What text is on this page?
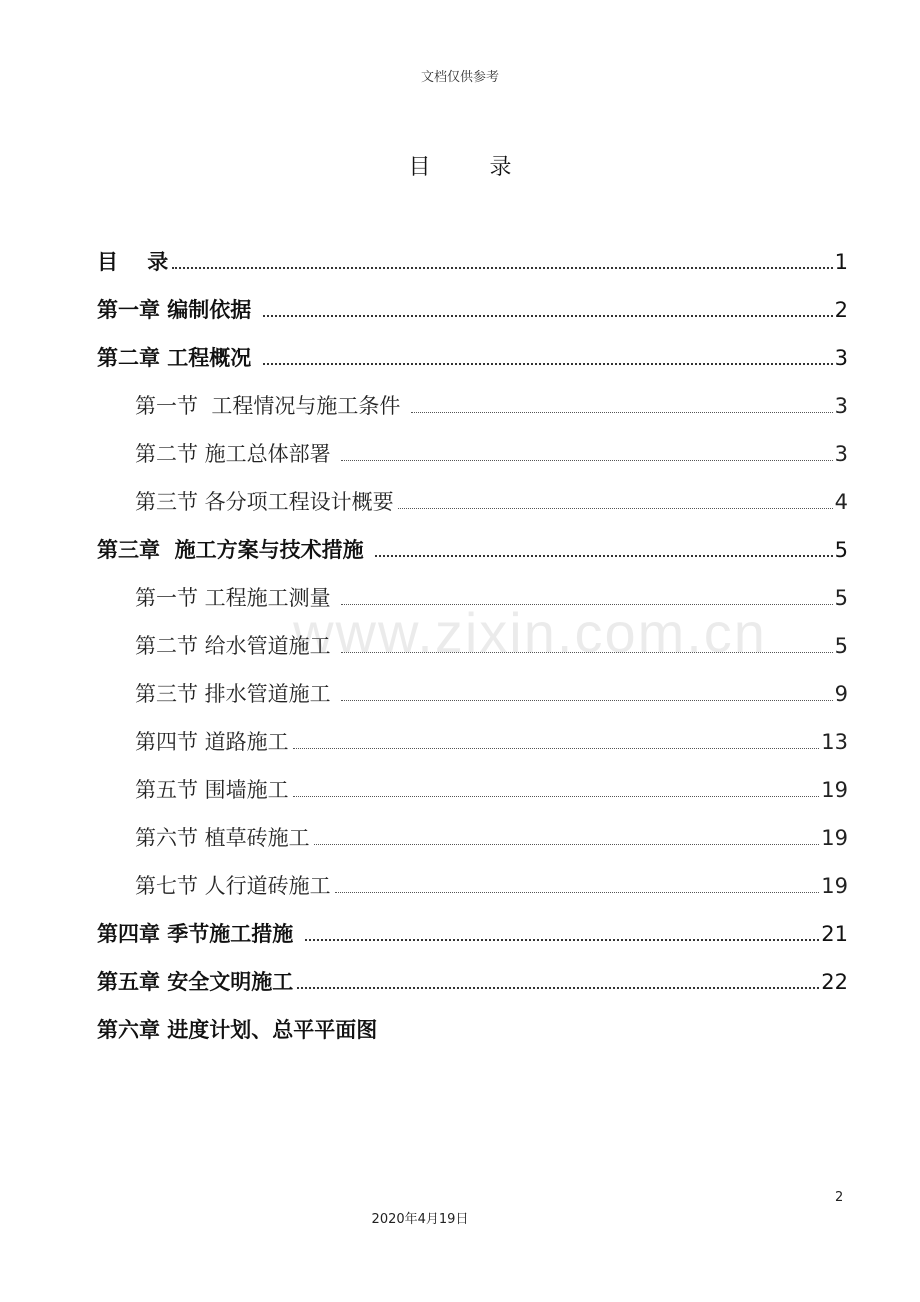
文档仅供参考
目 录
www.zixin.com.cn
目    录	1
第一章 编制依据	2
第二章 工程概况	3
第一节  工程情况与施工条件	3
第二节 施工总体部署	3
第三节 各分项工程设计概要	4
第三章  施工方案与技术措施	5
第一节 工程施工测量	5
第二节 给水管道施工	5
第三节 排水管道施工	9
第四节 道路施工	13
第五节 围墙施工	19
第六节 植草砖施工	19
第七节 人行道砖施工	19
第四章 季节施工措施	21
第五章 安全文明施工	22
第六章 进度计划、总平平面图
2
2020年4月19日
